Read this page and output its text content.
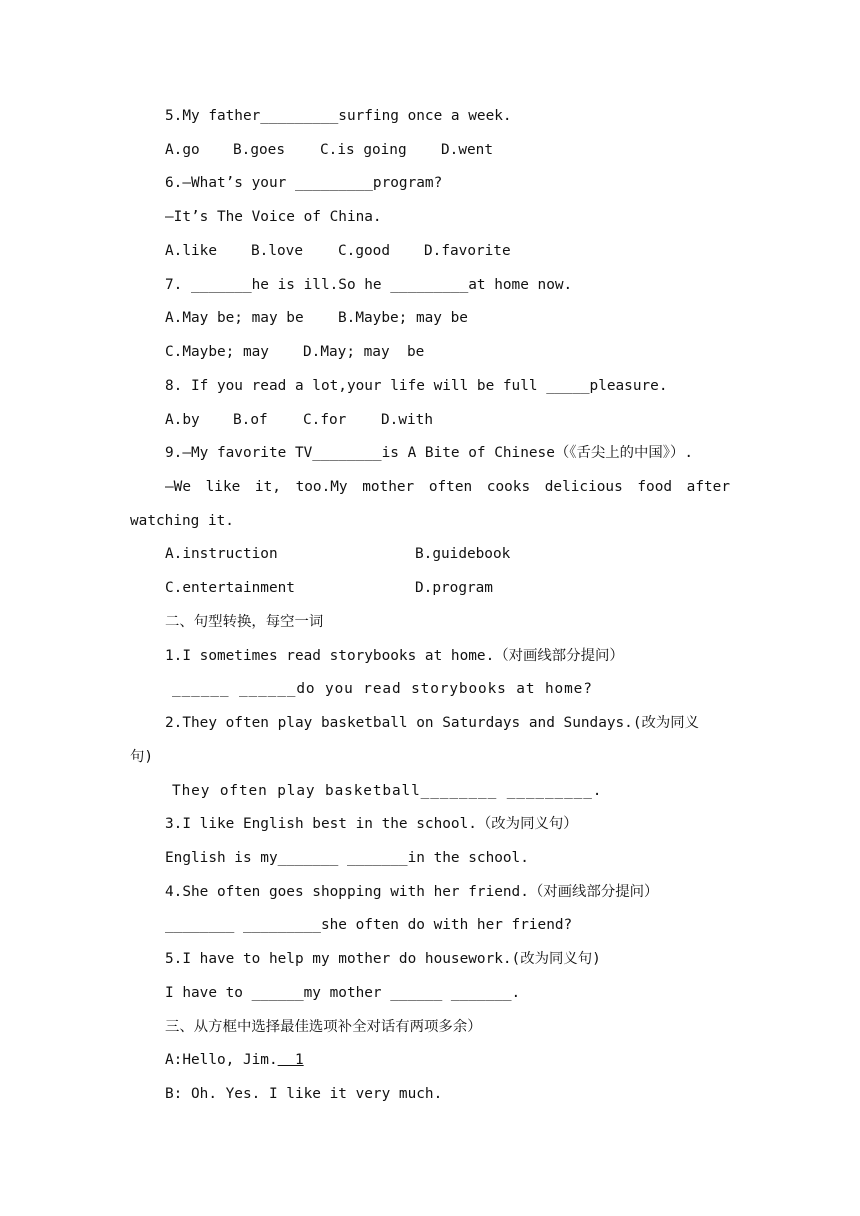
5.My father_________surfing once a week.
A.go B.goes C.is going D.went
6.—What’s your _________program?
—It’s The Voice of China.
A.like B.love C.good D.favorite
7. _______he is ill.So he _________at home now.
A.May be; may be B.Maybe; may be
C.Maybe; may D.May; may  be
8. If you read a lot,your life will be full _____pleasure.
A.by B.of C.for D.with
9.—My favorite TV________is A Bite of Chinese（《舌尖上的中国》）.
—We like it, too.My mother often cooks delicious food after
watching it.
A.instruction	B.guidebook
C.entertainment	D.program
二、句型转换，每空一词
1.I sometimes read storybooks at home.（对画线部分提问）
______ ______do you read storybooks at home?
2.They often play basketball on Saturdays and Sundays.(改为同义
句)
They often play basketball________ _________.
3.I like English best in the school.（改为同义句）
English is my_______ _______in the school.
4.She often goes shopping with her friend.（对画线部分提问）
________ _________she often do with her friend?
5.I have to help my mother do housework.(改为同义句)
I have to ______my mother ______ _______.
三、从方框中选择最佳选项补全对话有两项多余）
A:Hello, Jim.  1
B: Oh. Yes. I like it very much.
